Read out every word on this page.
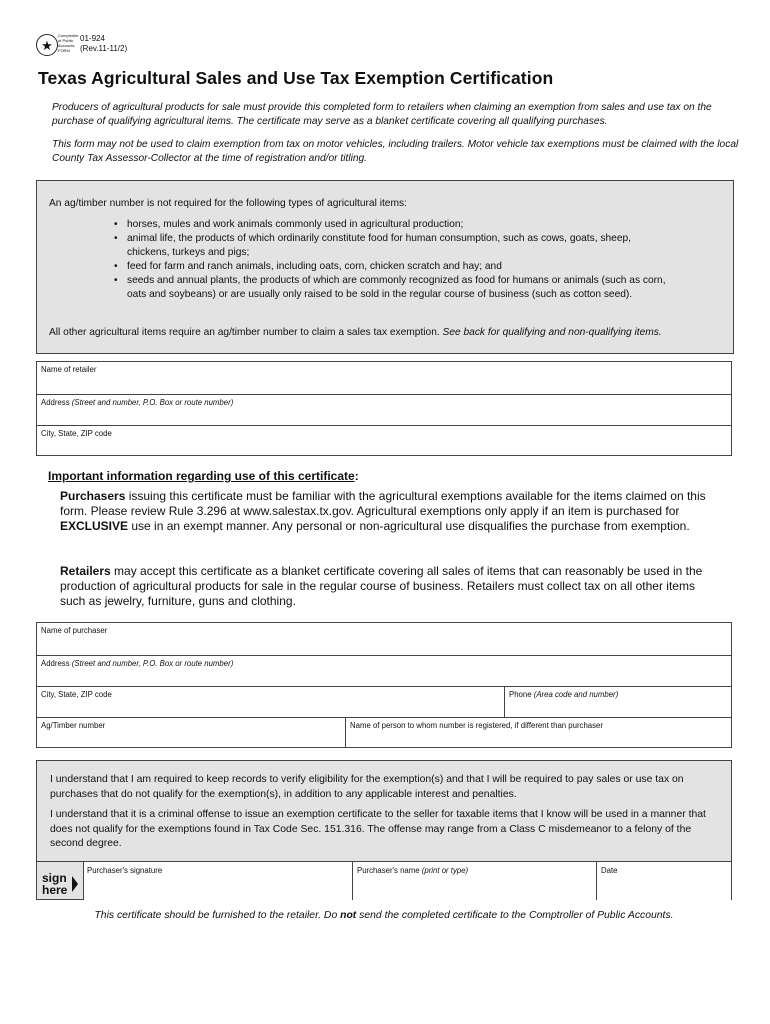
★
Comptroller of Public Accounts FORM
01-924
(Rev.11-11/2)
Texas Agricultural Sales and Use Tax Exemption Certification
Producers of agricultural products for sale must provide this completed form to retailers when claiming an exemption from sales and use tax on the purchase of qualifying agricultural items. The certificate may serve as a blanket certificate covering all qualifying purchases.
This form may not be used to claim exemption from tax on motor vehicles, including trailers. Motor vehicle tax exemptions must be claimed with the local County Tax Assessor-Collector at the time of registration and/or titling.
An ag/timber number is not required for the following types of agricultural items:
• horses, mules and work animals commonly used in agricultural production;
• animal life, the products of which ordinarily constitute food for human consumption, such as cows, goats, sheep, chickens, turkeys and pigs;
• feed for farm and ranch animals, including oats, corn, chicken scratch and hay; and
• seeds and annual plants, the products of which are commonly recognized as food for humans or animals (such as corn, oats and soybeans) or are usually only raised to be sold in the regular course of business (such as cotton seed).
All other agricultural items require an ag/timber number to claim a sales tax exemption. See back for qualifying and non-qualifying items.
Name of retailer
Address (Street and number, P.O. Box or route number)
City, State, ZIP code
Important information regarding use of this certificate:
Purchasers issuing this certificate must be familiar with the agricultural exemptions available for the items claimed on this form. Please review Rule 3.296 at www.salestax.tx.gov. Agricultural exemptions only apply if an item is purchased for EXCLUSIVE use in an exempt manner. Any personal or non-agricultural use disqualifies the purchase from exemption.
Retailers may accept this certificate as a blanket certificate covering all sales of items that can reasonably be used in the production of agricultural products for sale in the regular course of business. Retailers must collect tax on all other items such as jewelry, furniture, guns and clothing.
Name of purchaser
Address (Street and number, P.O. Box or route number)
City, State, ZIP code	Phone (Area code and number)
Ag/Timber number	Name of person to whom number is registered, if different than purchaser
I understand that I am required to keep records to verify eligibility for the exemption(s) and that I will be required to pay sales or use tax on purchases that do not qualify for the exemption(s), in addition to any applicable interest and penalties.
I understand that it is a criminal offense to issue an exemption certificate to the seller for taxable items that I know will be used in a manner that does not qualify for the exemptions found in Tax Code Sec. 151.316. The offense may range from a Class C misdemeanor to a felony of the second degree.
Purchaser's signature	Purchaser's name (print or type)	Date
sign
here
This certificate should be furnished to the retailer. Do not send the completed certificate to the Comptroller of Public Accounts.
